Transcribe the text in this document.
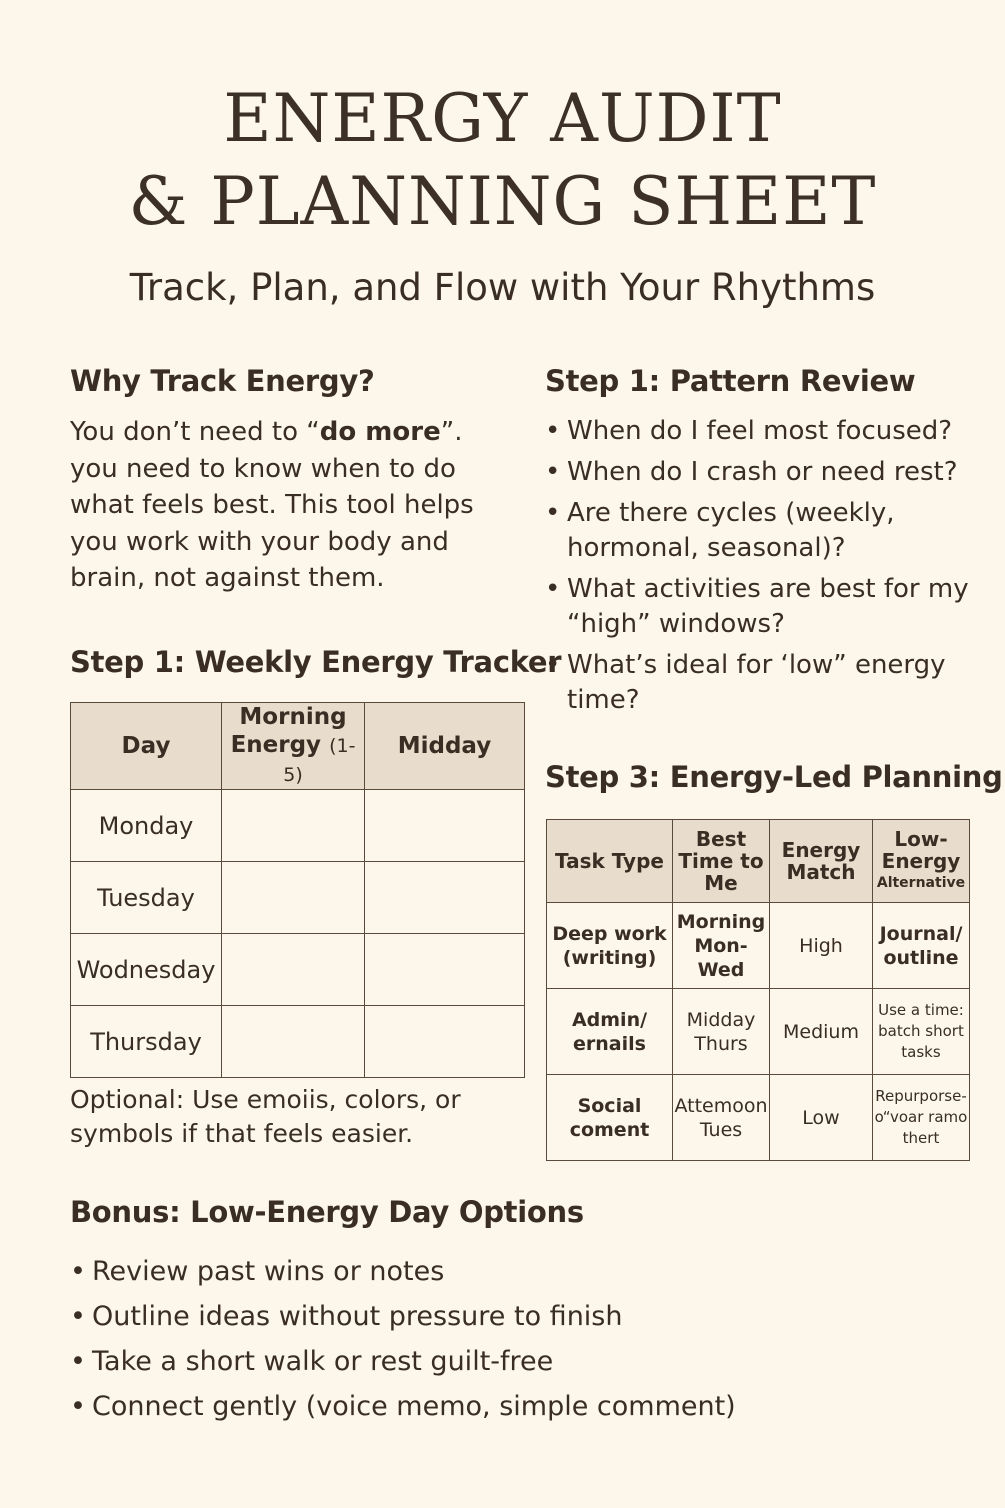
ENERGY AUDIT
& PLANNING SHEET
Track, Plan, and Flow with Your Rhythms
Why Track Energy?
You don’t need to “do more”. you need to know when to do what feels best. This tool helps you work with your body and brain, not against them.
Step 1: Pattern Review
• When do I feel most focused?
• When do I crash or need rest?
• Are there cycles (weekly, hormonal, seasonal)?
• What activities are best for my “high” windows?
• What’s ideal for ‘low” energy time?
Step 1: Weekly Energy Tracker
Day	Morning Energy (1-5)	Midday
Monday		
Tuesday		
Wodnesday		
Thursday		
Optional: Use emoiis, colors, or symbols if that feels easier.
Step 3: Energy-Led Planning
Task Type	Best Time to Me	Energy Match	Low-Energy
Alternative

Deep work (writing)	Morning Mon-Wed	High	Journal/ outline
Admin/ ernails	Midday Thurs	Medium	Use a time: batch short tasks
Social coment	Attemoon Tues	Low	Repurporse-o“voar ramo thert
Bonus: Low-Energy Day Options
• Review past wins or notes
• Outline ideas without pressure to finish
• Take a short walk or rest guilt-free
• Connect gently (voice memo, simple comment)
